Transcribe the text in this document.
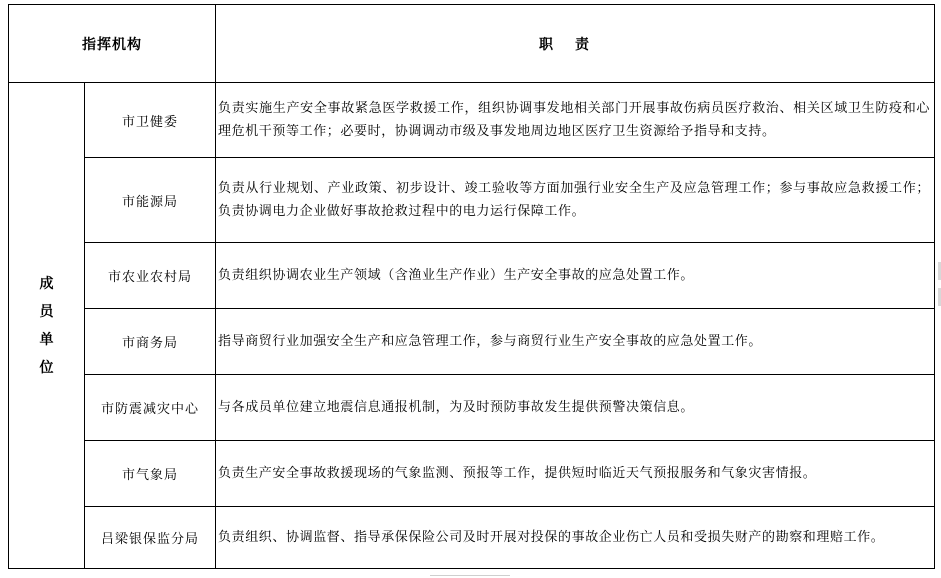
指挥机构		职责

成
员
单
位	市卫健委	负责实施生产安全事故紧急医学救援工作，组织协调事发地相关部门开展事故伤病员医疗救治、相关区域卫生防疫和心理危机干预等工作；必要时，协调调动市级及事发地周边地区医疗卫生资源给予指导和支持。
	市能源局	负责从行业规划、产业政策、初步设计、竣工验收等方面加强行业安全生产及应急管理工作；参与事故应急救援工作；负责协调电力企业做好事故抢救过程中的电力运行保障工作。
	市农业农村局	负责组织协调农业生产领域（含渔业生产作业）生产安全事故的应急处置工作。
	市商务局	指导商贸行业加强安全生产和应急管理工作，参与商贸行业生产安全事故的应急处置工作。
	市防震减灾中心	与各成员单位建立地震信息通报机制，为及时预防事故发生提供预警决策信息。
	市气象局	负责生产安全事故救援现场的气象监测、预报等工作，提供短时临近天气预报服务和气象灾害情报。
	吕梁银保监分局	负责组织、协调监督、指导承保保险公司及时开展对投保的事故企业伤亡人员和受损失财产的勘察和理赔工作。
